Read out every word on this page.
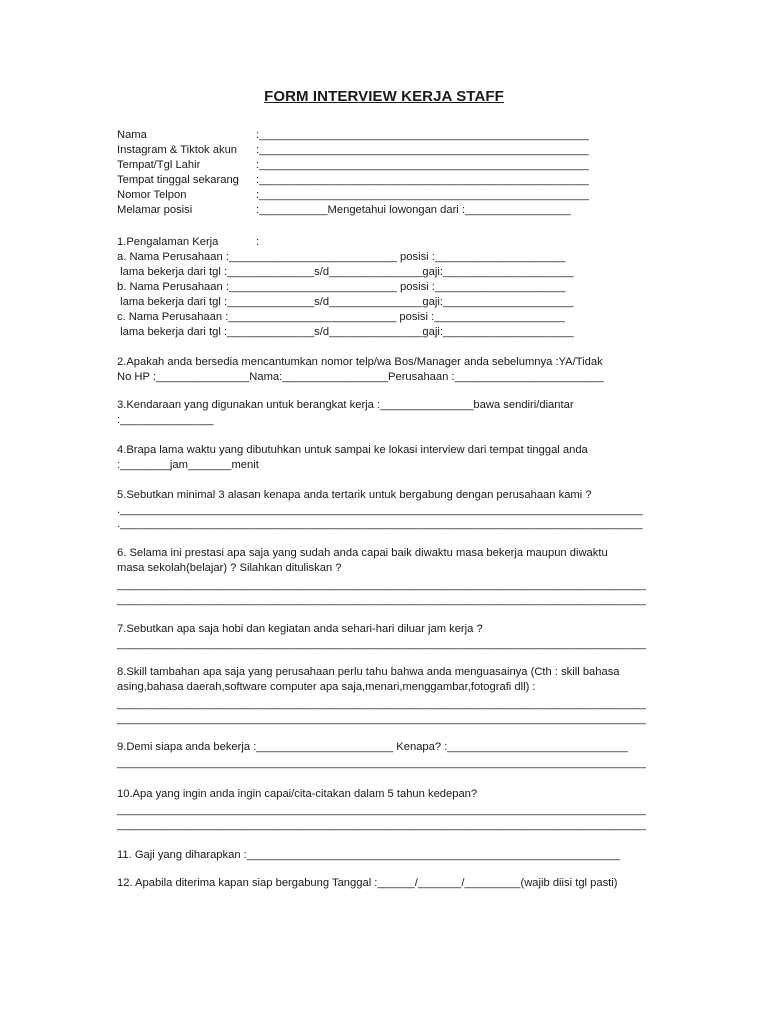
FORM INTERVIEW KERJA STAFF
Nama	:_____________________________________________________
Instagram & Tiktok akun :_____________________________________________________
Tempat/Tgl Lahir	:_____________________________________________________
Tempat tinggal sekarang :_____________________________________________________
Nomor Telpon	:_____________________________________________________
Melamar posisi	:___________Mengetahui lowongan dari :_________________
1.Pengalaman Kerja	:
a. Nama Perusahaan :___________________________ posisi :_____________________
lama bekerja dari tgl :______________s/d_______________gaji:_____________________
b. Nama Perusahaan :___________________________ posisi :_____________________
lama bekerja dari tgl :______________s/d_______________gaji:_____________________
c. Nama Perusahaan :___________________________ posisi :_____________________
lama bekerja dari tgl :______________s/d_______________gaji:_____________________
2.Apakah anda bersedia mencantumkan nomor telp/wa Bos/Manager anda sebelumnya :YA/Tidak
No HP :_______________Nama:_________________Perusahaan :________________________
3.Kendaraan yang digunakan untuk berangkat kerja :_______________bawa sendiri/diantar
:_______________
4.Brapa lama waktu yang dibutuhkan untuk sampai ke lokasi interview dari tempat tinggal anda
:________jam_______menit
5.Sebutkan minimal 3 alasan kenapa anda tertarik untuk bergabung dengan perusahaan kami ?
.____________________________________________________________________________________
.____________________________________________________________________________________
6. Selama ini prestasi apa saja yang sudah anda capai baik diwaktu masa bekerja maupun diwaktu
masa sekolah(belajar) ? Silahkan dituliskan ?
_____________________________________________________________________________________
_____________________________________________________________________________________
7.Sebutkan apa saja hobi dan kegiatan anda sehari-hari diluar jam kerja ?
_____________________________________________________________________________________
8.Skill tambahan apa saja yang perusahaan perlu tahu bahwa anda menguasainya (Cth : skill bahasa
asing,bahasa daerah,software computer apa saja,menari,menggambar,fotografi dll) :
_____________________________________________________________________________________
_____________________________________________________________________________________
9.Demi siapa anda bekerja :______________________ Kenapa? :_____________________________
_____________________________________________________________________________________
10.Apa yang ingin anda ingin capai/cita-citakan dalam 5 tahun kedepan?
_____________________________________________________________________________________
_____________________________________________________________________________________
11. Gaji yang diharapkan :____________________________________________________________
12. Apabila diterima kapan siap bergabung Tanggal :______/_______/_________(wajib diisi tgl pasti)
